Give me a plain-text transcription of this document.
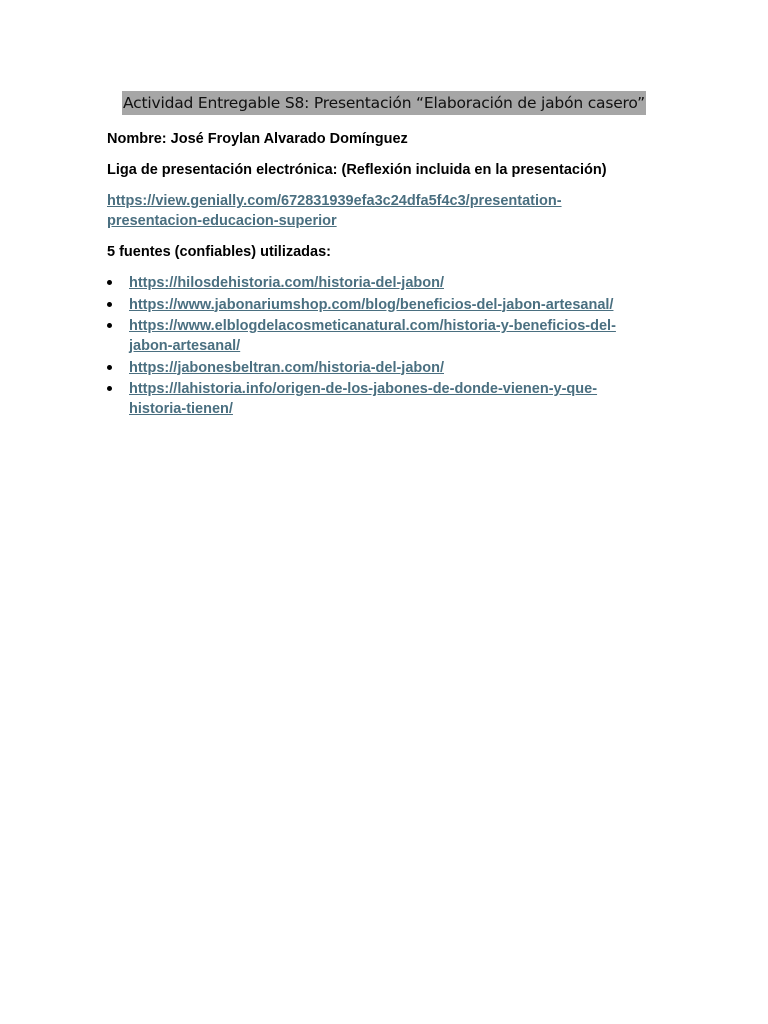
Actividad Entregable S8: Presentación “Elaboración de jabón casero”
Nombre: José Froylan Alvarado Domínguez
Liga de presentación electrónica: (Reflexión incluida en la presentación)
https://view.genially.com/672831939efa3c24dfa5f4c3/presentation-
presentacion-educacion-superior
5 fuentes (confiables) utilizadas:
https://hilosdehistoria.com/historia-del-jabon/
https://www.jabonariumshop.com/blog/beneficios-del-jabon-artesanal/
https://www.elblogdelacosmeticanatural.com/historia-y-beneficios-del-
jabon-artesanal/
https://jabonesbeltran.com/historia-del-jabon/
https://lahistoria.info/origen-de-los-jabones-de-donde-vienen-y-que-
historia-tienen/
